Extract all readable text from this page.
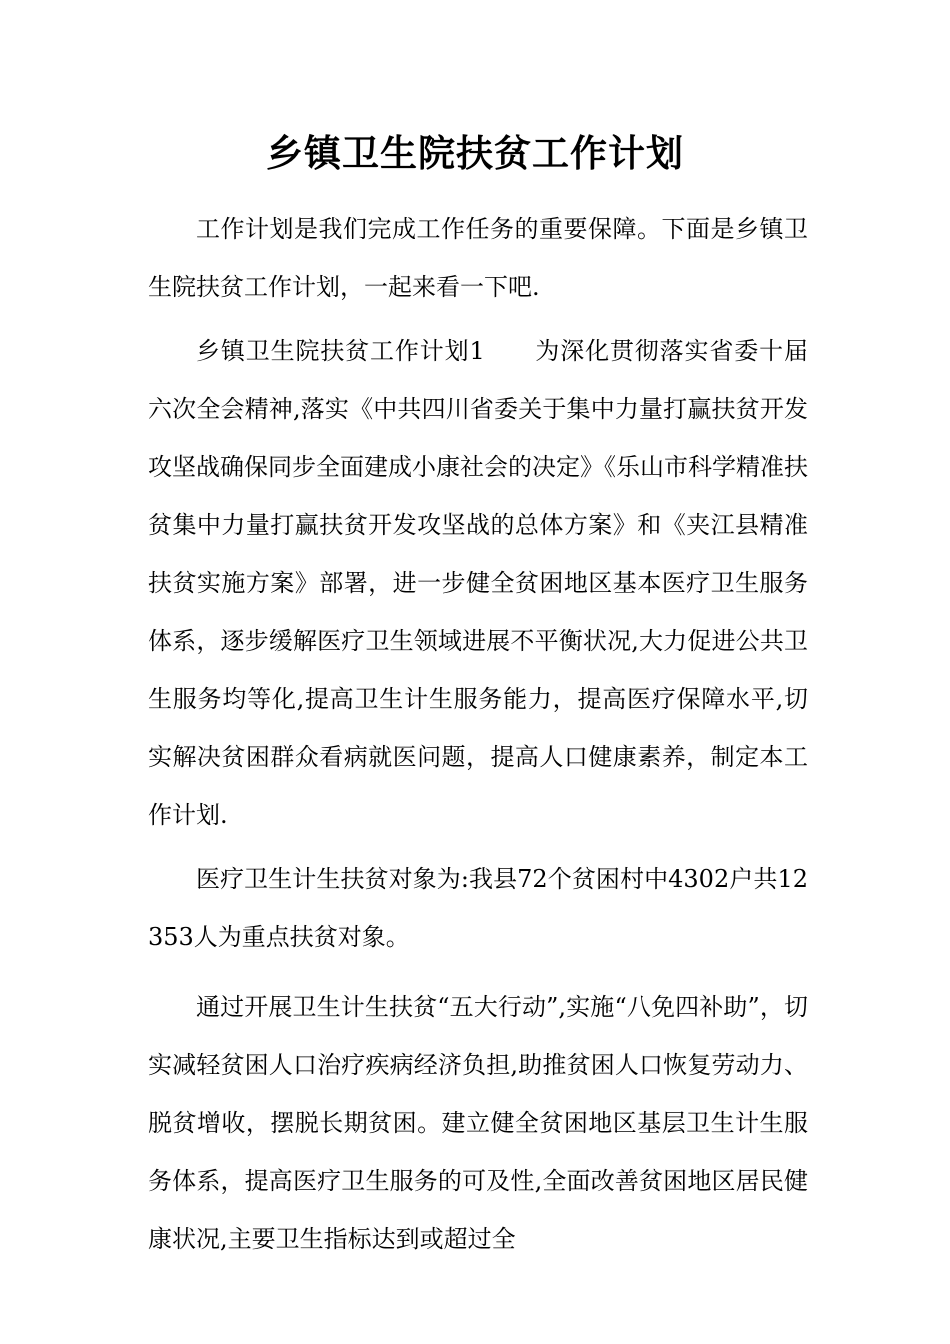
乡镇卫生院扶贫工作计划

工作计划是我们完成工作任务的重要保障。下面是乡镇卫生院扶贫工作计划，一起来看一下吧.

乡镇卫生院扶贫工作计划1　　为深化贯彻落实省委十届六次全会精神,落实《中共四川省委关于集中力量打赢扶贫开发攻坚战确保同步全面建成小康社会的决定》《乐山市科学精准扶贫集中力量打赢扶贫开发攻坚战的总体方案》和《夹江县精准扶贫实施方案》部署，进一步健全贫困地区基本医疗卫生服务体系，逐步缓解医疗卫生领域进展不平衡状况,大力促进公共卫生服务均等化,提高卫生计生服务能力，提高医疗保障水平,切实解决贫困群众看病就医问题，提高人口健康素养，制定本工作计划.

医疗卫生计生扶贫对象为:我县72个贫困村中4302户共12353人为重点扶贫对象。

通过开展卫生计生扶贫“五大行动”,实施“八免四补助”，切实减轻贫困人口治疗疾病经济负担,助推贫困人口恢复劳动力、脱贫增收，摆脱长期贫困。建立健全贫困地区基层卫生计生服务体系，提高医疗卫生服务的可及性,全面改善贫困地区居民健康状况,主要卫生指标达到或超过全
